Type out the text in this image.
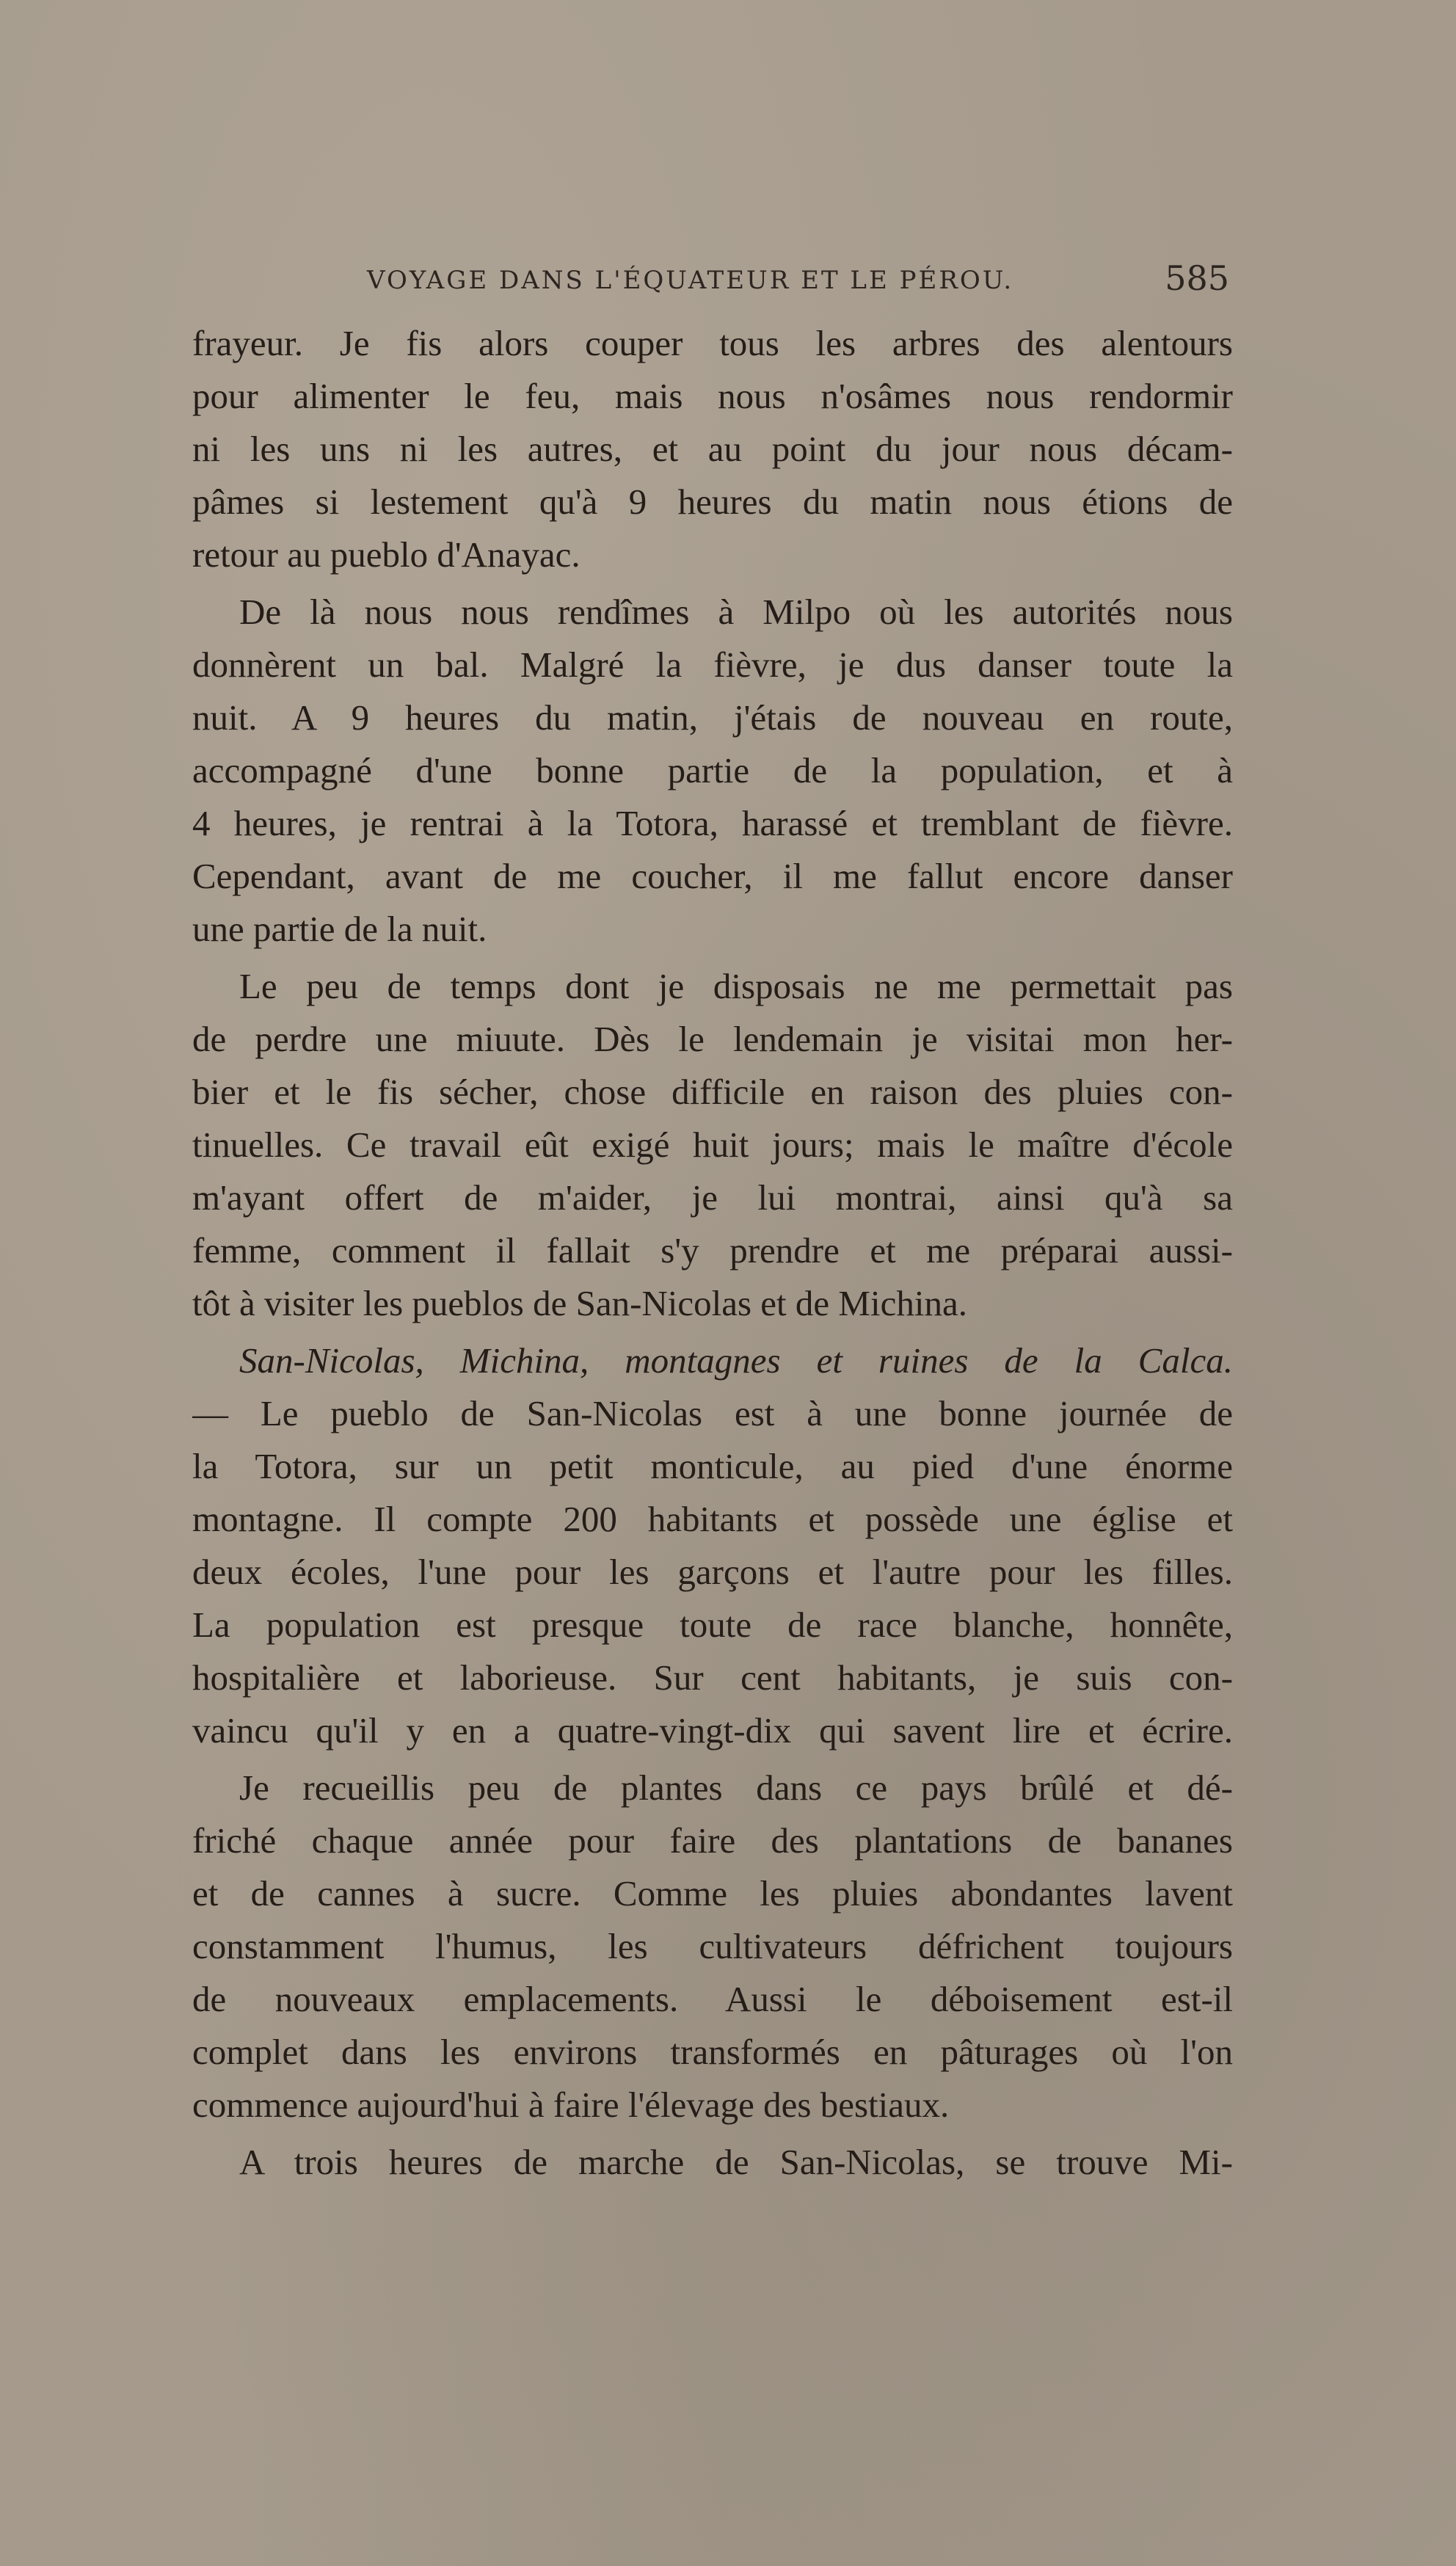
VOYAGE DANS L'ÉQUATEUR ET LE PÉROU.	585
frayeur. Je fis alors couper tous les arbres des alentours
pour alimenter le feu, mais nous n'osâmes nous rendormir
ni les uns ni les autres, et au point du jour nous décam-
pâmes si lestement qu'à 9 heures du matin nous étions de
retour au pueblo d'Anayac.
De là nous nous rendîmes à Milpo où les autorités nous
donnèrent un bal. Malgré la fièvre, je dus danser toute la
nuit. A 9 heures du matin, j'étais de nouveau en route,
accompagné d'une bonne partie de la population, et à
4 heures, je rentrai à la Totora, harassé et tremblant de fièvre.
Cependant, avant de me coucher, il me fallut encore danser
une partie de la nuit.
Le peu de temps dont je disposais ne me permettait pas
de perdre une miuute. Dès le lendemain je visitai mon her-
bier et le fis sécher, chose difficile en raison des pluies con-
tinuelles. Ce travail eût exigé huit jours; mais le maître d'école
m'ayant offert de m'aider, je lui montrai, ainsi qu'à sa
femme, comment il fallait s'y prendre et me préparai aussi-
tôt à visiter les pueblos de San-Nicolas et de Michina.
San-Nicolas, Michina, montagnes et ruines de la Calca.
— Le pueblo de San-Nicolas est à une bonne journée de
la Totora, sur un petit monticule, au pied d'une énorme
montagne. Il compte 200 habitants et possède une église et
deux écoles, l'une pour les garçons et l'autre pour les filles.
La population est presque toute de race blanche, honnête,
hospitalière et laborieuse. Sur cent habitants, je suis con-
vaincu qu'il y en a quatre-vingt-dix qui savent lire et écrire.
Je recueillis peu de plantes dans ce pays brûlé et dé-
friché chaque année pour faire des plantations de bananes
et de cannes à sucre. Comme les pluies abondantes lavent
constamment l'humus, les cultivateurs défrichent toujours
de nouveaux emplacements. Aussi le déboisement est-il
complet dans les environs transformés en pâturages où l'on
commence aujourd'hui à faire l'élevage des bestiaux.
A trois heures de marche de San-Nicolas, se trouve Mi-
